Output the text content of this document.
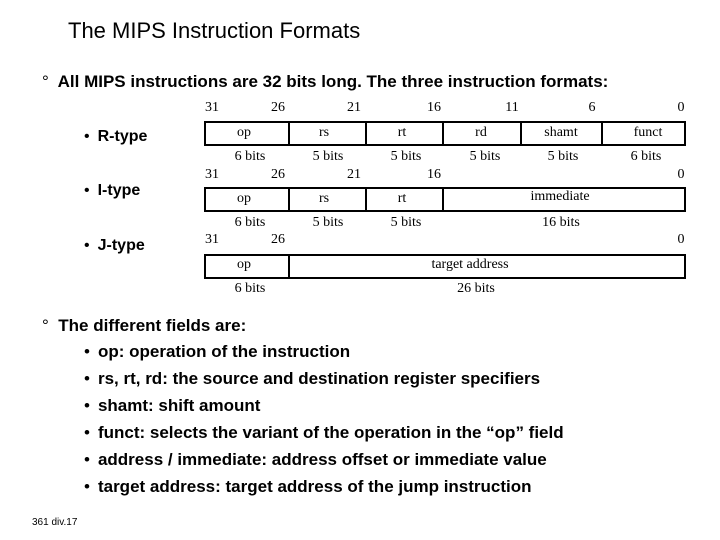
The MIPS Instruction Formats
° All MIPS instructions are 32 bits long. The three instruction formats:
• R-type
• I-type
• J-type
31	26	21	16	11	6	0
op	rs	rt	rd	shamt	funct
6 bits	5 bits	5 bits	5 bits	5 bits	6 bits
31	26	21	16	0
op	rs	rt	immediate
6 bits	5 bits	5 bits	16 bits
31	26	0
op	target address
6 bits	26 bits
° The different fields are:
• op: operation of the instruction
• rs, rt, rd: the source and destination register specifiers
• shamt: shift amount
• funct: selects the variant of the operation in the “op” field
• address / immediate: address offset or immediate value
• target address: target address of the jump instruction
361 div.17
